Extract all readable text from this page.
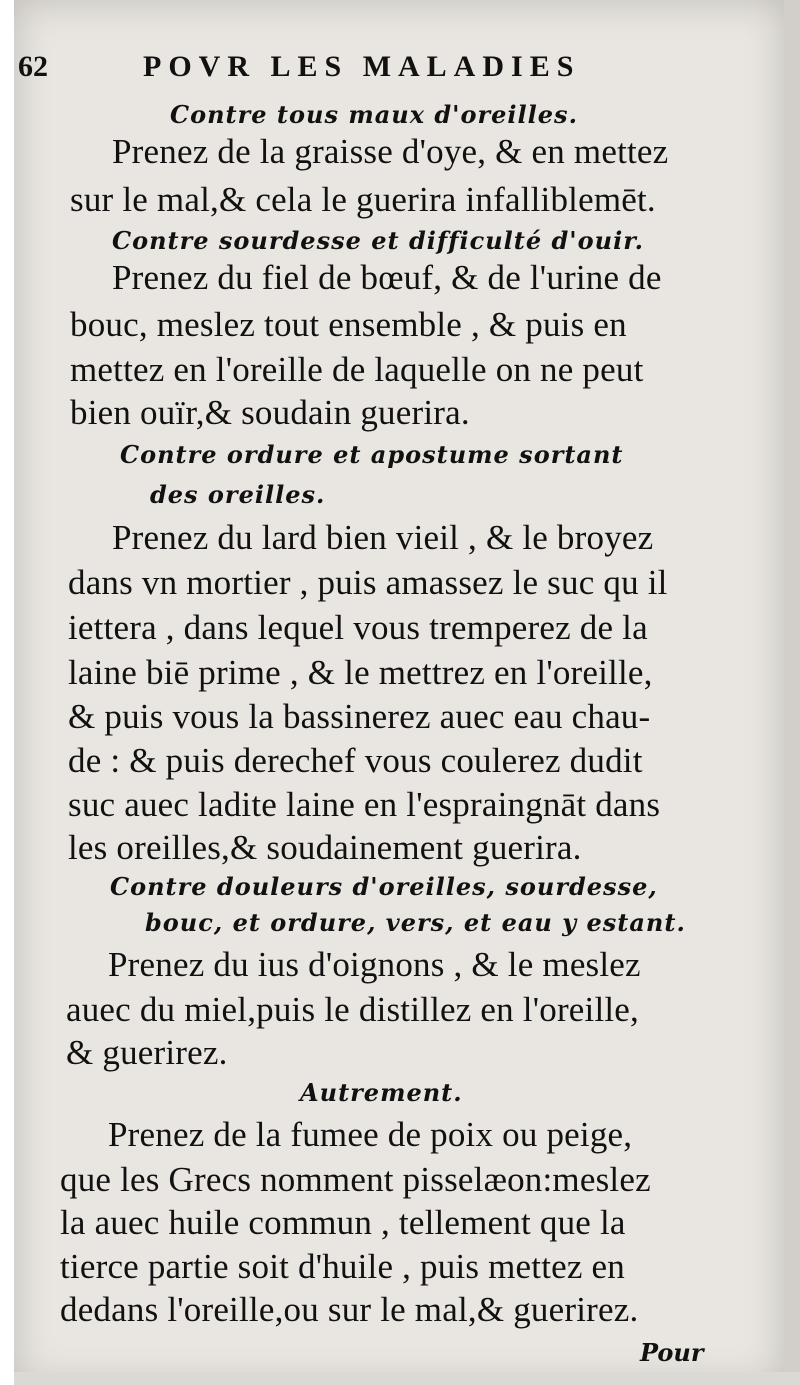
62	POVR LES MALADIES
Contre tous maux d'oreilles.
Prenez de la graisse d'oye, & en mettez
sur le mal,& cela le guerira infalliblemēt.
Contre sourdesse et difficulté d'ouir.
Prenez du fiel de bœuf, & de l'urine de
bouc, meslez tout ensemble , & puis en
mettez en l'oreille de laquelle on ne peut
bien ouïr,& soudain guerira.
Contre ordure et apostume sortant
des oreilles.
Prenez du lard bien vieil , & le broyez
dans vn mortier , puis amassez le suc qu il
iettera , dans lequel vous tremperez de la
laine biē prime , & le mettrez en l'oreille,
& puis vous la bassinerez auec eau chau-
de : & puis derechef vous coulerez dudit
suc auec ladite laine en l'espraingnāt dans
les oreilles,& soudainement guerira.
Contre douleurs d'oreilles, sourdesse,
bouc, et ordure, vers, et eau y estant.
Prenez du ius d'oignons , & le meslez
auec du miel,puis le distillez en l'oreille,
& guerirez.
Autrement.
Prenez de la fumee de poix ou peige,
que les Grecs nomment pisselæon:meslez
la auec huile commun , tellement que la
tierce partie soit d'huile , puis mettez en
dedans l'oreille,ou sur le mal,& guerirez.
Pour
